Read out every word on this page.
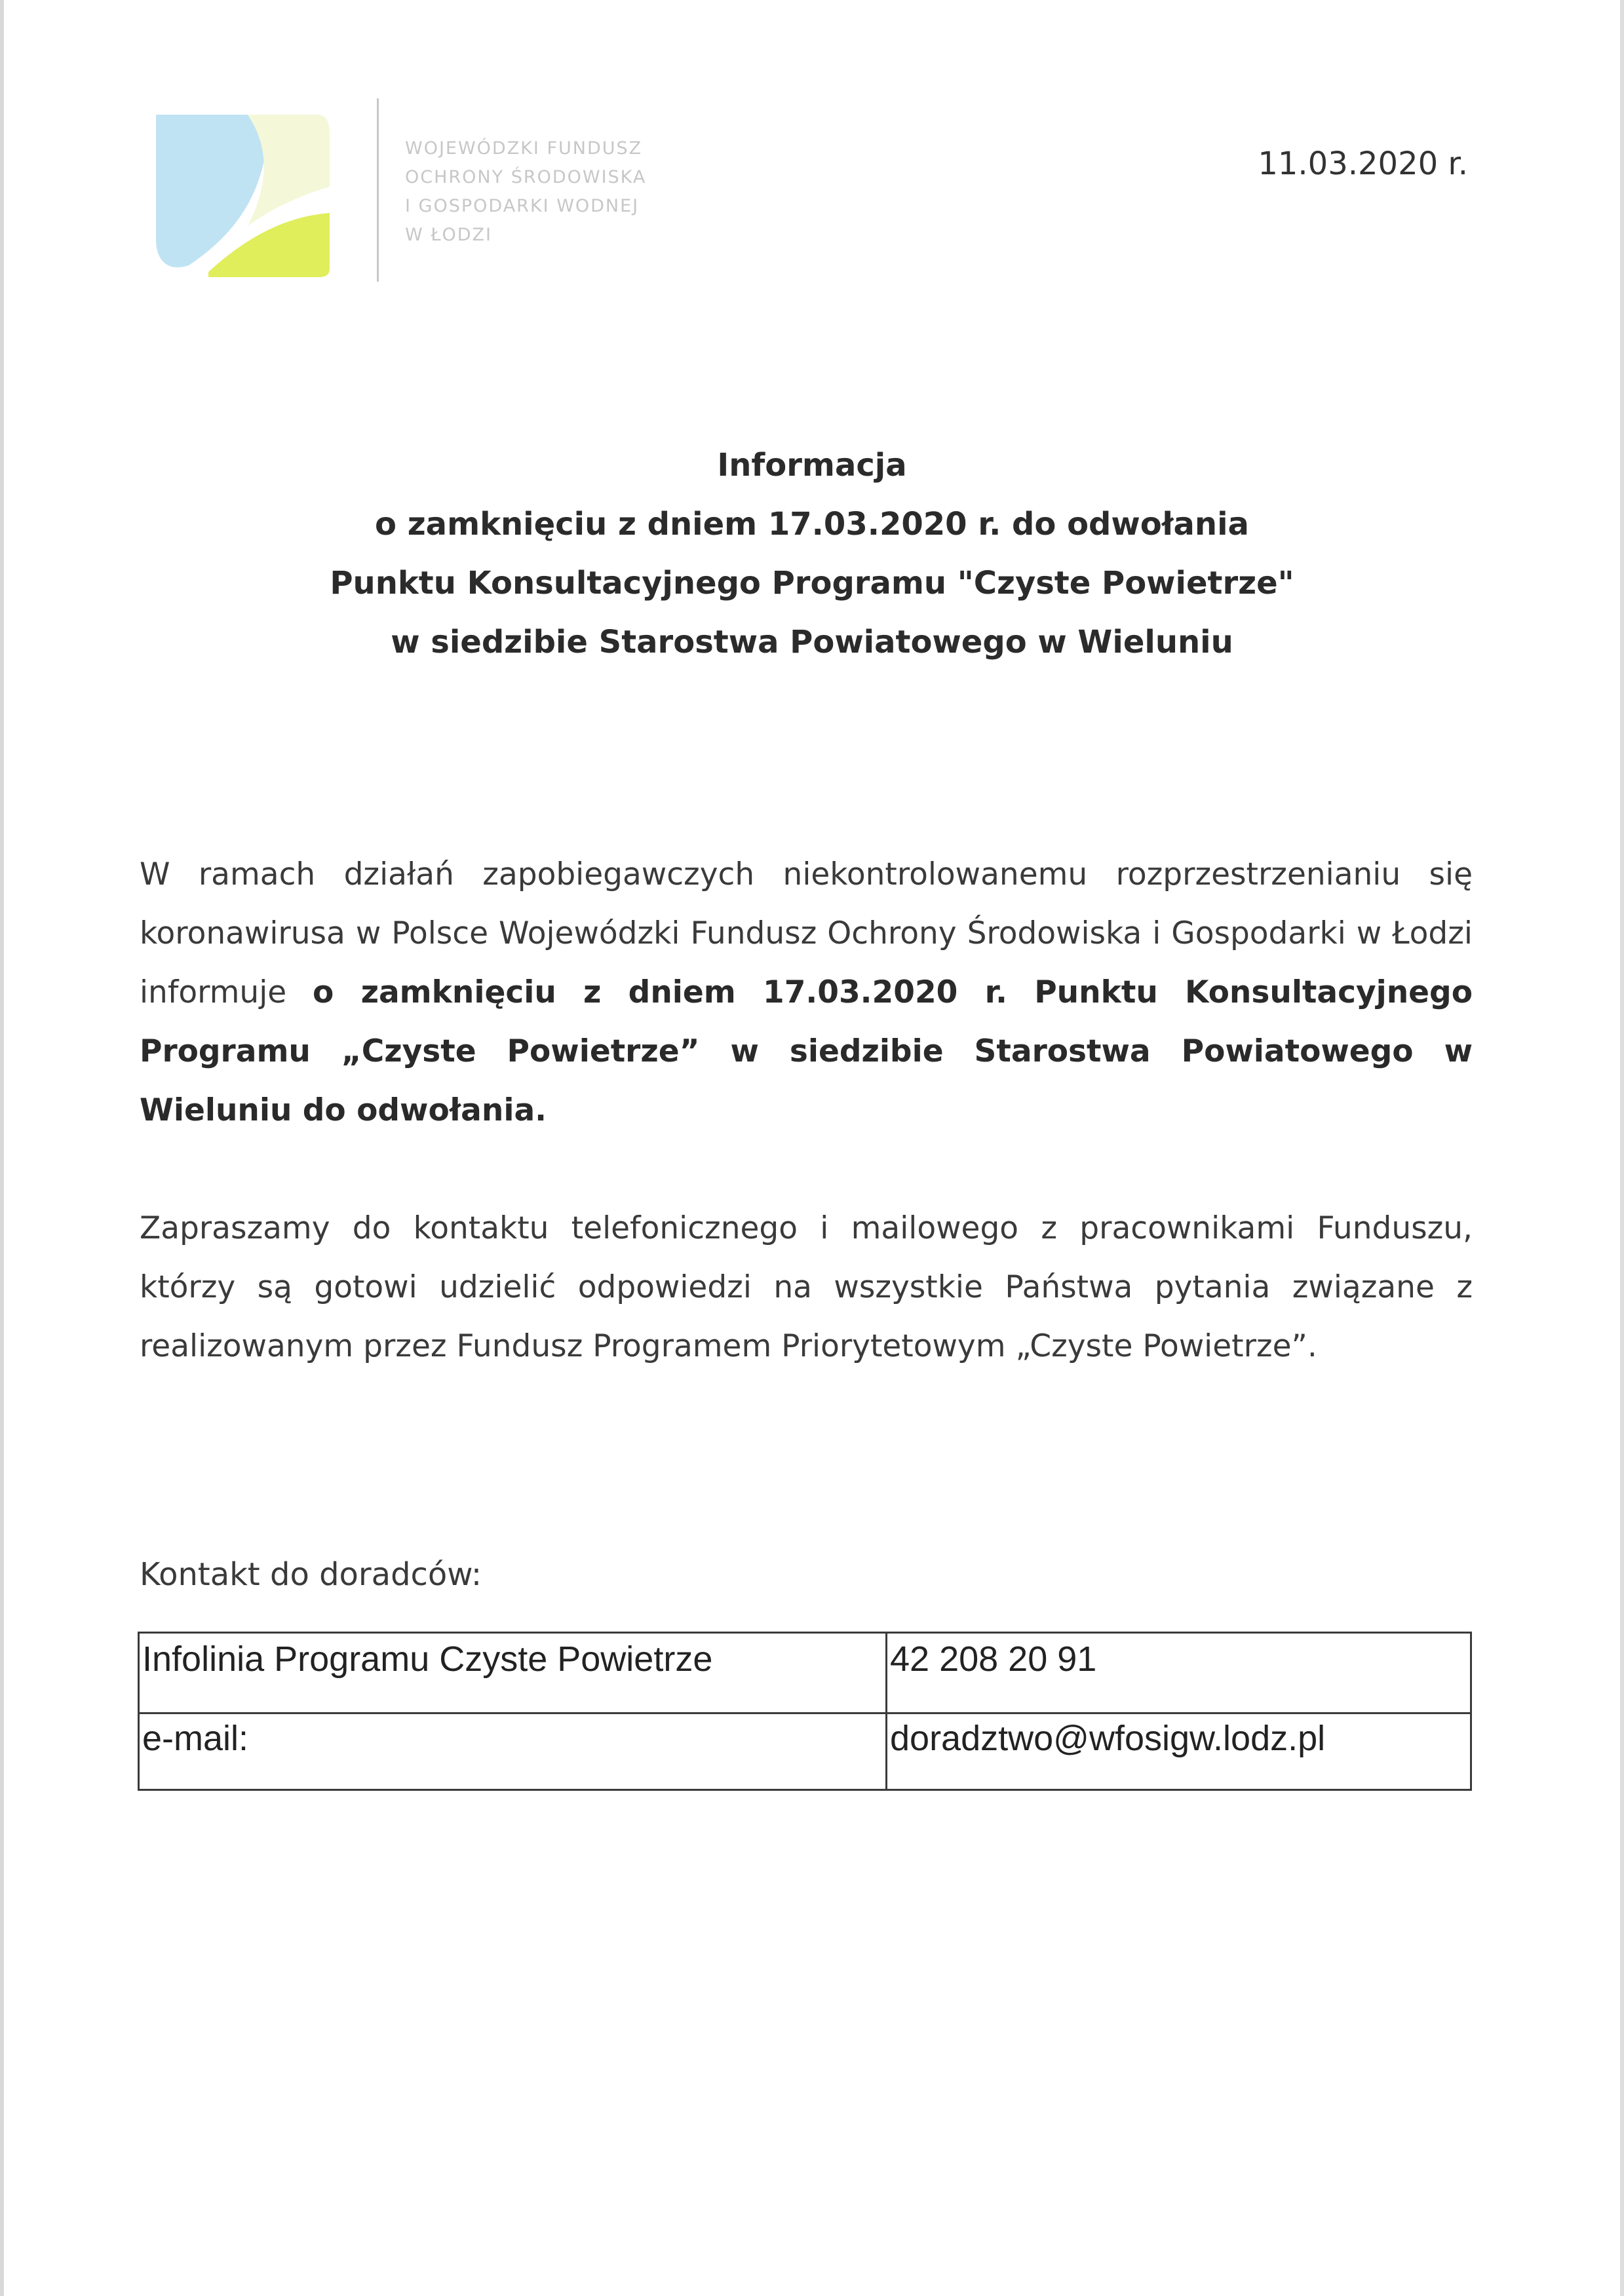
WOJEWÓDZKI FUNDUSZ
OCHRONY ŚRODOWISKA
I GOSPODARKI WODNEJ
W ŁODZI
11.03.2020 r.
Informacja
o zamknięciu z dniem 17.03.2020 r. do odwołania
Punktu Konsultacyjnego Programu "Czyste Powietrze"
w siedzibie Starostwa Powiatowego w Wieluniu
W ramach działań zapobiegawczych niekontrolowanemu rozprzestrzenianiu się koronawirusa w Polsce Wojewódzki Fundusz Ochrony Środowiska i Gospodarki w Łodzi informuje o zamknięciu z dniem 17.03.2020 r. Punktu Konsultacyjnego Programu „Czyste Powietrze” w siedzibie Starostwa Powiatowego w Wieluniu do odwołania.
Zapraszamy do kontaktu telefonicznego i mailowego z pracownikami Funduszu, którzy są gotowi udzielić odpowiedzi na wszystkie Państwa pytania związane z realizowanym przez Fundusz Programem Priorytetowym „Czyste Powietrze”.
Kontakt do doradców:
Infolinia Programu Czyste Powietrze	42 208 20 91
e-mail:	doradztwo@wfosigw.lodz.pl
